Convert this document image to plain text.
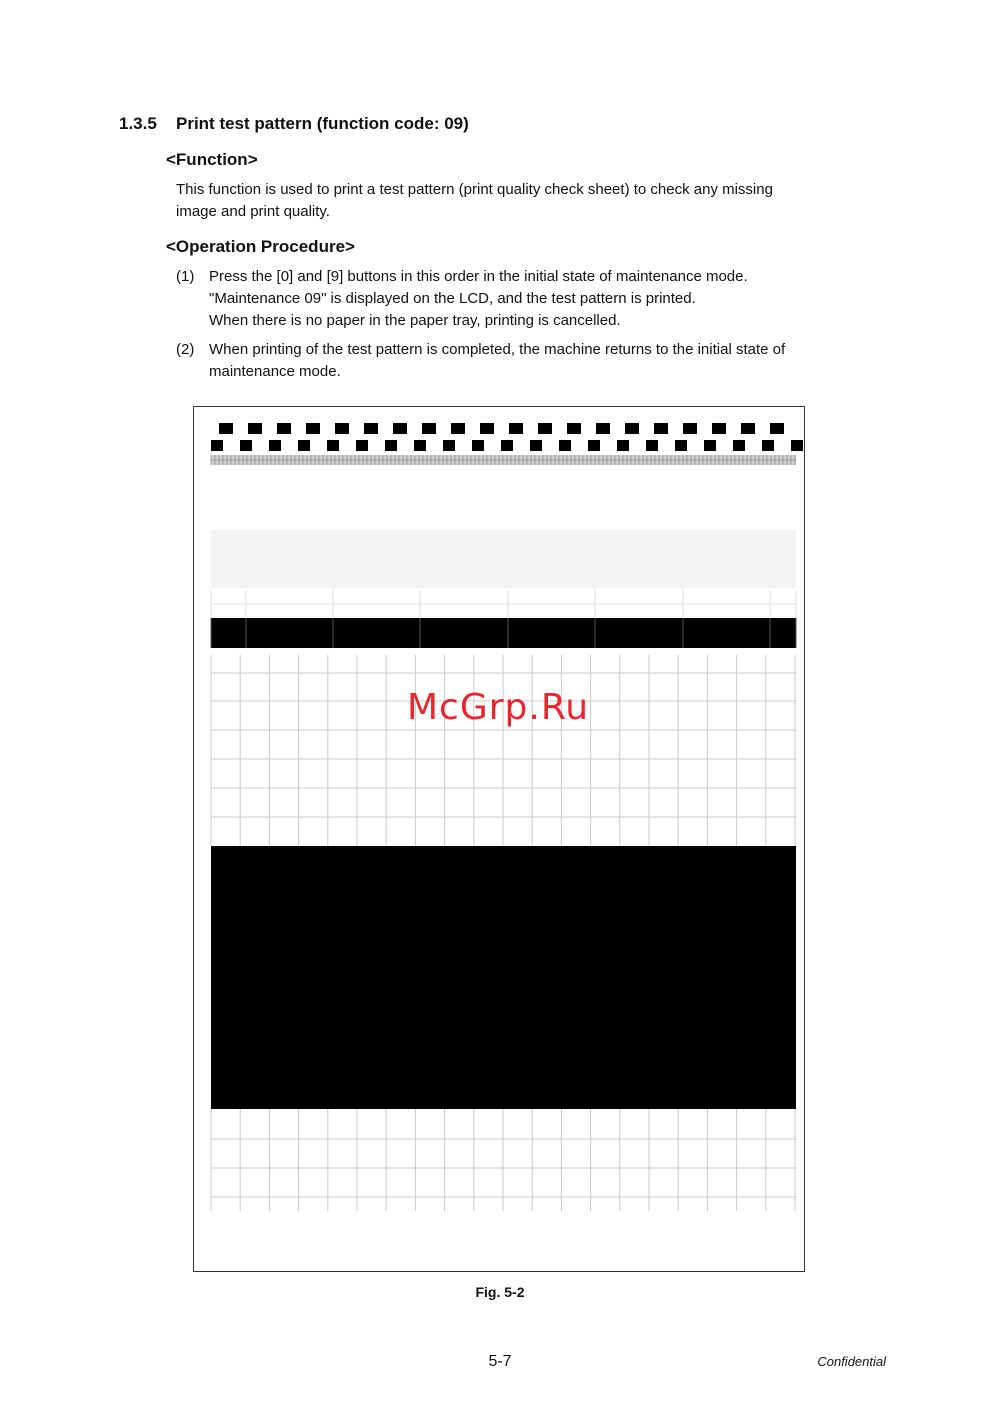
1.3.5 Print test pattern (function code: 09)
<Function>

This function is used to print a test pattern (print quality check sheet) to check any missing
image and print quality.

<Operation Procedure>
(1) Press the [0] and [9] buttons in this order in the initial state of maintenance mode.
"Maintenance 09" is displayed on the LCD, and the test pattern is printed.
When there is no paper in the paper tray, printing is cancelled.
(2) When printing of the test pattern is completed, the machine returns to the initial state of
maintenance mode.
McGrp.Ru
Fig. 5-2
5-7	Confidential
